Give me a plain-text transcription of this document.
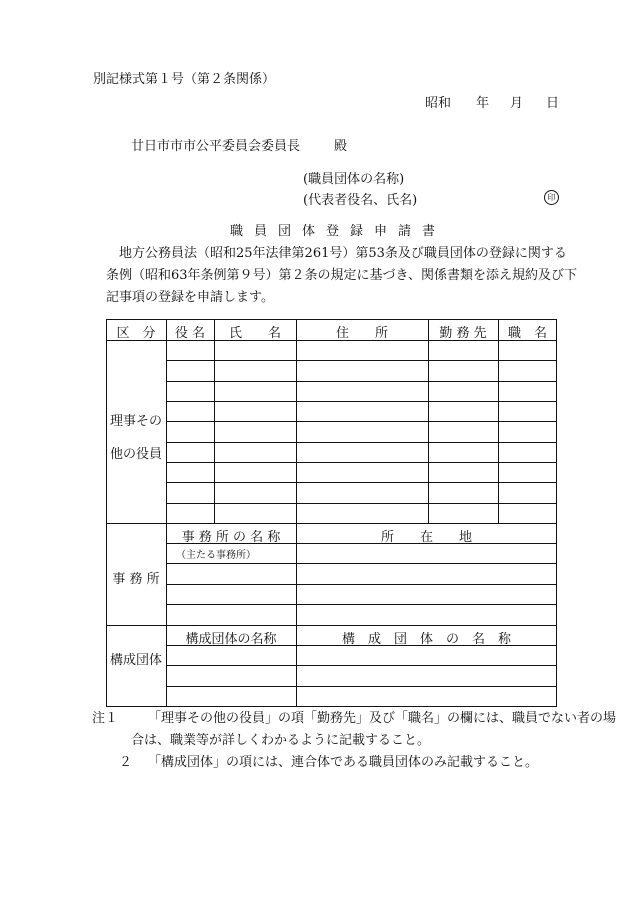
別記様式第１号（第２条関係）
昭和 年 月 日
廿日市市市公平委員会委員長	殿
(職員団体の名称)
(代表者役名、氏名)	印
職員団体登録申請書
地方公務員法（昭和25年法律第261号）第53条及び職員団体の登録に関する条例（昭和63年条例第９号）第２条の規定に基づき、関係書類を添え規約及び下記事項の登録を申請します。
区　分	役 名	氏　　名	住　　所	勤 務 先	職　名
理事その
他の役員
事 務 所 の 名 称	所　　在　　地
（主たる事務所）
事 務 所
構成団体の名称	構　成　団　体　の　名　称
構成団体
注１ 「理事その他の役員」の項「勤務先」及び「職名」の欄には、職員でない者の場
合は、職業等が詳しくわかるように記載すること。
２ 「構成団体」の項には、連合体である職員団体のみ記載すること。
